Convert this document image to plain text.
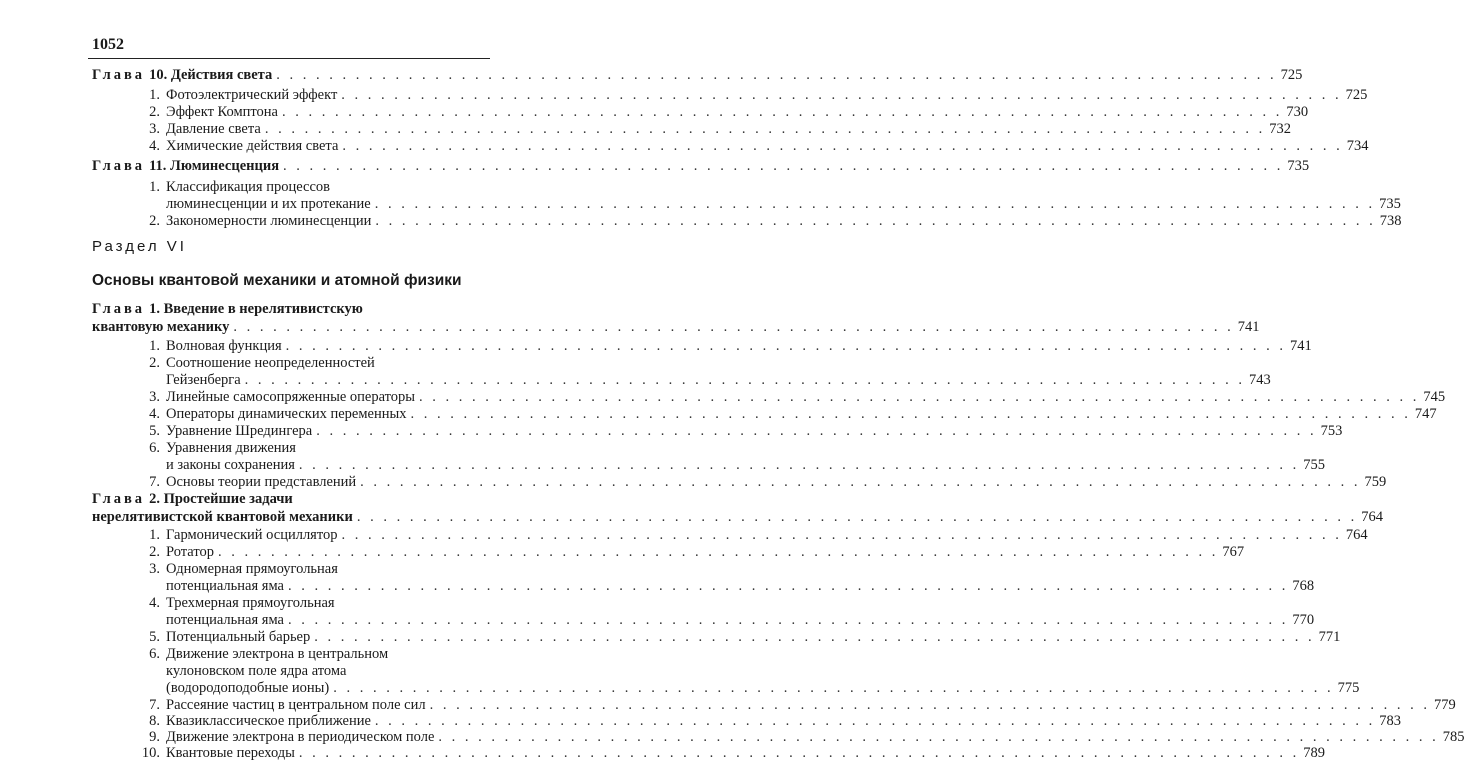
1052
Глава 10. Действия света . . .	725
1. Фотоэлектрический эффект . . .	725
2. Эффект Комптона . . .	730
3. Давление света . . .	732
4. Химические действия света . . .	734
Глава 11. Люминесценция . . .	735
1. Классификация процессов
люминесценции и их протекание . . .	735
2. Закономерности люминесценции . . .	738
Раздел VI
Основы квантовой механики и атомной физики
Глава 1. Введение в нерелятивистскую
квантовую механику . . .	741
1. Волновая функция . . .	741
2. Соотношение неопределенностей
Гейзенберга . . .	743
3. Линейные самосопряженные операторы . . .	745
4. Операторы динамических переменных . . .	747
5. Уравнение Шредингера . . .	753
6. Уравнения движения
и законы сохранения . . .	755
7. Основы теории представлений . . .	759
Глава 2. Простейшие задачи
нерелятивистской квантовой механики . . .	764
1. Гармонический осциллятор . . .	764
2. Ротатор . . .	767
3. Одномерная прямоугольная
потенциальная яма . . .	768
4. Трехмерная прямоугольная
потенциальная яма . . .	770
5. Потенциальный барьер . . .	771
6. Движение электрона в центральном
кулоновском поле ядра атома
(водородоподобные ионы) . . .	775
7. Рассеяние частиц в центральном поле сил . . .	779
8. Квазиклассическое приближение . . .	783
9. Движение электрона в периодическом поле . . .	785
10. Квантовые переходы . . .	789
